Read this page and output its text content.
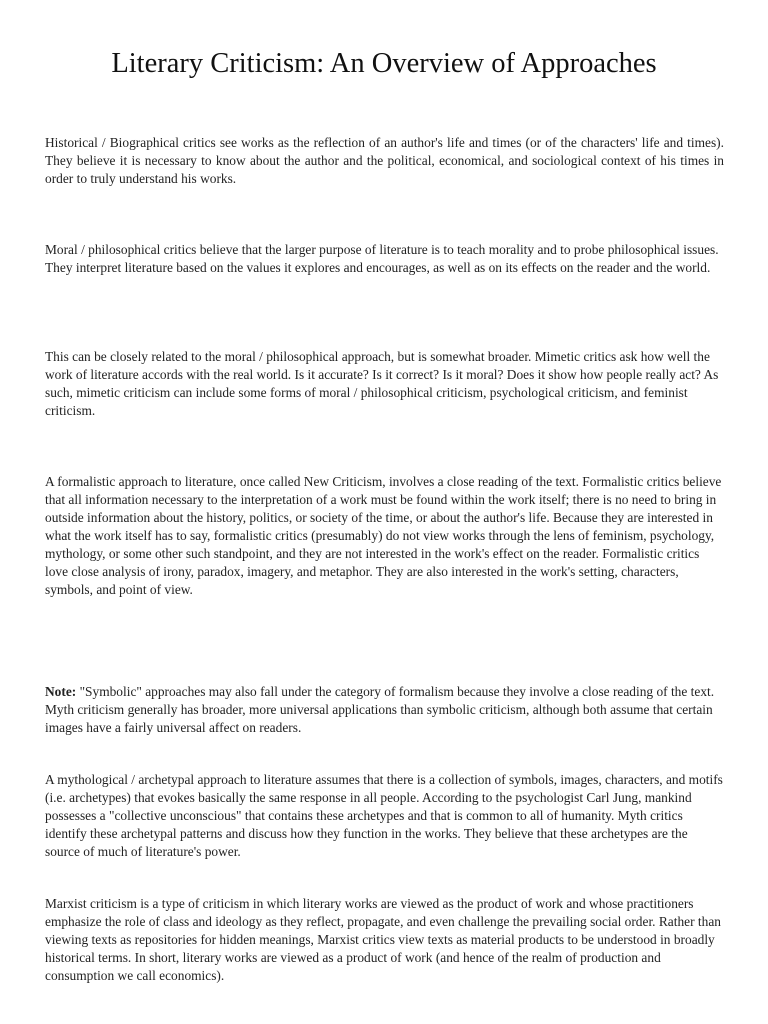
Literary Criticism: An Overview of Approaches

Historical / Biographical critics see works as the reflection of an author's life and times (or of the characters' life and times). They believe it is necessary to know about the author and the political, economical, and sociological context of his times in order to truly understand his works.

Moral / philosophical critics believe that the larger purpose of literature is to teach morality and to probe philosophical issues. They interpret literature based on the values it explores and encourages, as well as on its effects on the reader and the world.

This can be closely related to the moral / philosophical approach, but is somewhat broader. Mimetic critics ask how well the work of literature accords with the real world. Is it accurate? Is it correct? Is it moral? Does it show how people really act? As such, mimetic criticism can include some forms of moral / philosophical criticism, psychological criticism, and feminist criticism.

A formalistic approach to literature, once called New Criticism, involves a close reading of the text. Formalistic critics believe that all information necessary to the interpretation of a work must be found within the work itself; there is no need to bring in outside information about the history, politics, or society of the time, or about the author's life. Because they are interested in what the work itself has to say, formalistic critics (presumably) do not view works through the lens of feminism, psychology, mythology, or some other such standpoint, and they are not interested in the work's effect on the reader. Formalistic critics love close analysis of irony, paradox, imagery, and metaphor. They are also interested in the work's setting, characters, symbols, and point of view.

Note: "Symbolic" approaches may also fall under the category of formalism because they involve a close reading of the text. Myth criticism generally has broader, more universal applications than symbolic criticism, although both assume that certain images have a fairly universal affect on readers.

A mythological / archetypal approach to literature assumes that there is a collection of symbols, images, characters, and motifs (i.e. archetypes) that evokes basically the same response in all people. According to the psychologist Carl Jung, mankind possesses a "collective unconscious" that contains these archetypes and that is common to all of humanity. Myth critics identify these archetypal patterns and discuss how they function in the works. They believe that these archetypes are the source of much of literature's power.

Marxist criticism is a type of criticism in which literary works are viewed as the product of work and whose practitioners emphasize the role of class and ideology as they reflect, propagate, and even challenge the prevailing social order. Rather than viewing texts as repositories for hidden meanings, Marxist critics view texts as material products to be understood in broadly historical terms. In short, literary works are viewed as a product of work (and hence of the realm of production and consumption we call economics).
